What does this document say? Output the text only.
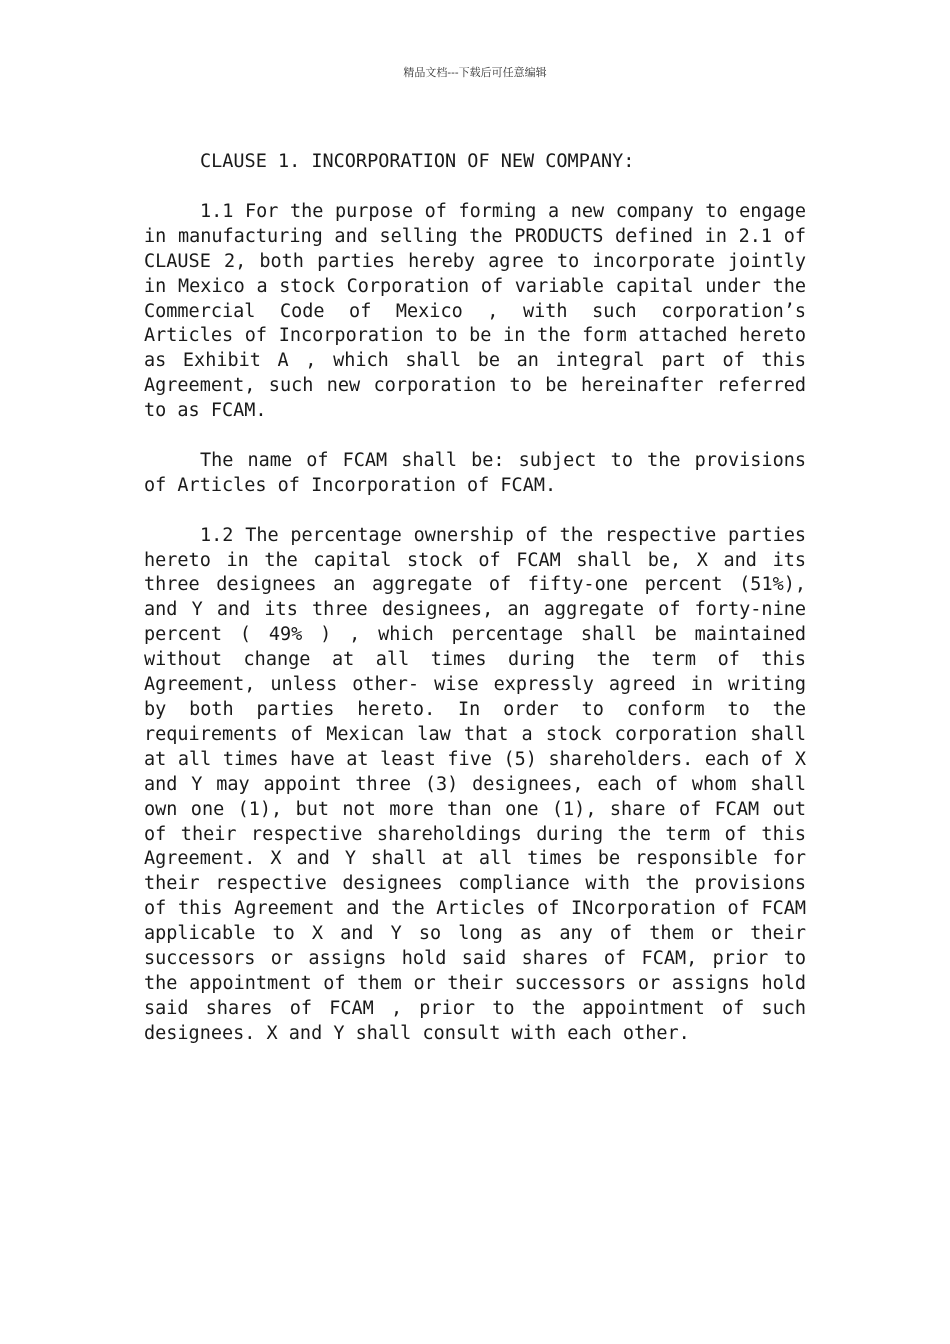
精品文档---下载后可任意编辑
CLAUSE 1. INCORPORATION OF NEW COMPANY:

1.1 For the purpose of forming a new company to engage in manufacturing and selling the PRODUCTS defined in 2.1 of CLAUSE 2, both parties hereby agree to incorporate jointly in Mexico a stock Corporation of variable capital under the Commercial Code of Mexico , with such corporation’s Articles of Incorporation to be in the form attached hereto as Exhibit A , which shall be an integral part of this Agreement, such new corporation to be hereinafter referred to as FCAM.

The name of FCAM shall be: subject to the provisions of Articles of Incorporation of FCAM.

1.2 The percentage ownership of the respective parties hereto in the capital stock of FCAM shall be, X and its three designees an aggregate of fifty-one percent (51%), and Y and its three designees, an aggregate of forty-nine percent ( 49% ) , which percentage shall be maintained without change at all times during the term of this Agreement, unless other- wise expressly agreed in writing by both parties hereto. In order to conform to the requirements of Mexican law that a stock corporation shall at all times have at least five (5) shareholders. each of X and Y may appoint three (3) designees, each of whom shall own one (1), but not more than one (1), share of FCAM out of their respective shareholdings during the term of this Agreement. X and Y shall at all times be responsible for their respective designees compliance with the provisions of this Agreement and the Articles of INcorporation of FCAM applicable to X and Y so long as any of them or their successors or assigns hold said shares of FCAM, prior to the appointment of them or their successors or assigns hold said shares of FCAM , prior to the appointment of such designees. X and Y shall consult with each other.
